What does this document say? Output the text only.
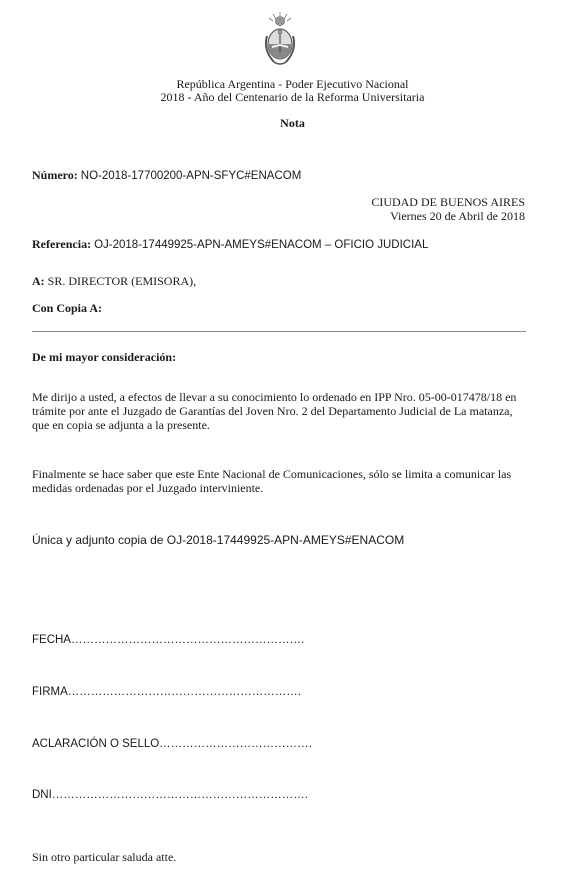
República Argentina - Poder Ejecutivo Nacional
2018 - Año del Centenario de la Reforma Universitaria
Nota
Número: NO-2018-17700200-APN-SFYC#ENACOM
CIUDAD DE BUENOS AIRES
Viernes 20 de Abril de 2018
Referencia: OJ-2018-17449925-APN-AMEYS#ENACOM – OFICIO JUDICIAL
A: SR. DIRECTOR (EMISORA),
Con Copia A:
De mi mayor consideración:
Me dirijo a usted, a efectos de llevar a su conocimiento lo ordenado en IPP Nro. 05-00-017478/18 en trámite por ante el Juzgado de Garantías del Joven Nro. 2 del Departamento Judicial de La matanza, que en copia se adjunta a la presente.
Finalmente se hace saber que este Ente Nacional de Comunicaciones, sólo se limita a comunicar las medidas ordenadas por el Juzgado interviniente.
Única y adjunto copia de OJ-2018-17449925-APN-AMEYS#ENACOM
FECHA…………………………………………………….
FIRMA…………………………………………………….
ACLARACIÓN O SELLO………………………………….
DNI………………………………………………………….
Sin otro particular saluda atte.
